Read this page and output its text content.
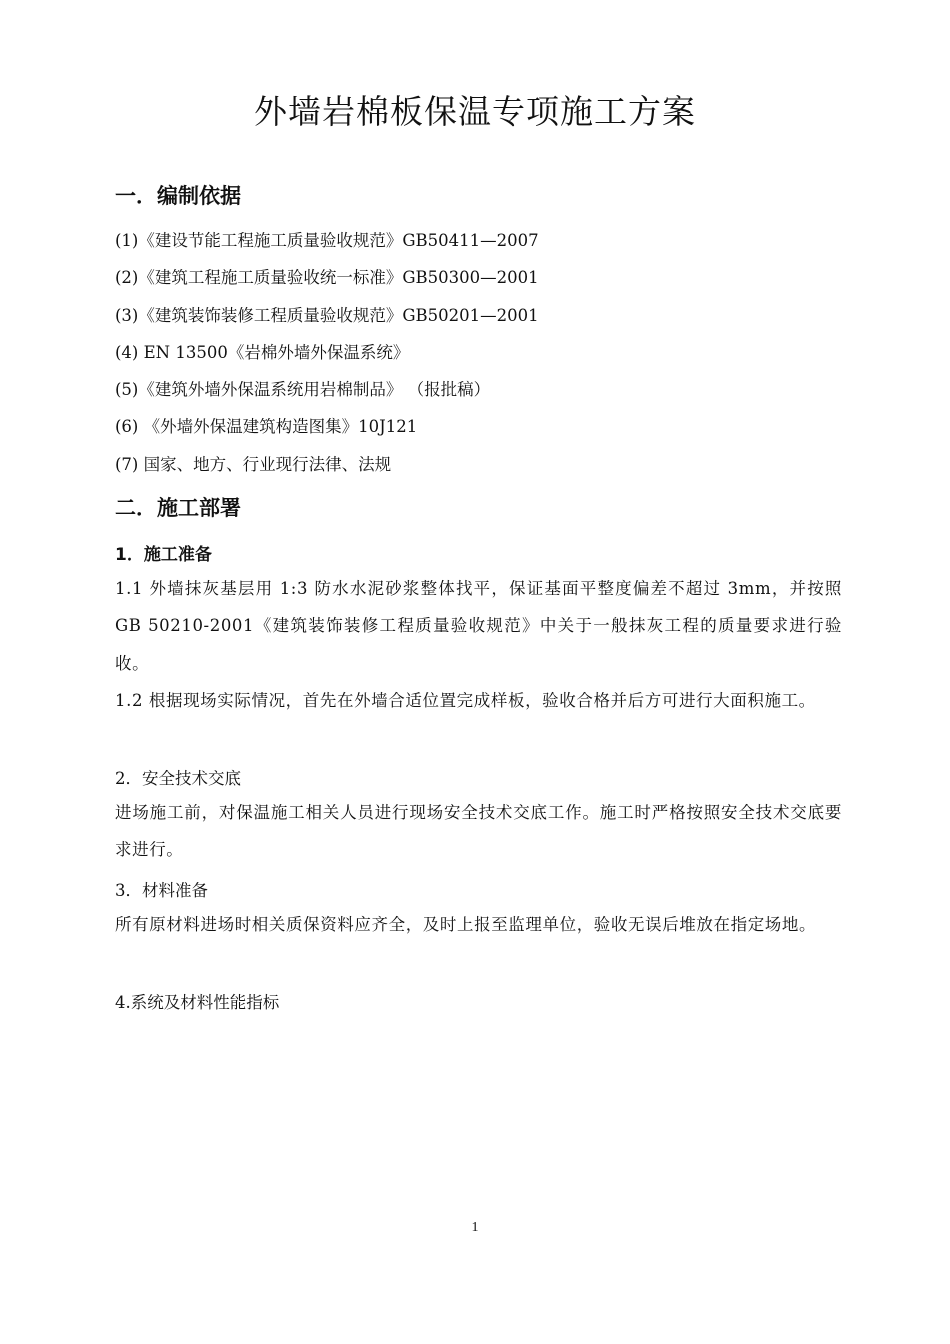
外墙岩棉板保温专项施工方案
一．编制依据
(1)《建设节能工程施工质量验收规范》GB50411—2007
(2)《建筑工程施工质量验收统一标准》GB50300—2001
(3)《建筑装饰装修工程质量验收规范》GB50201—2001
(4) EN 13500《岩棉外墙外保温系统》
(5)《建筑外墙外保温系统用岩棉制品》 （报批稿）
(6) 《外墙外保温建筑构造图集》10J121
(7) 国家、地方、行业现行法律、法规
二．施工部署
1．施工准备

1.1 外墙抹灰基层用 1:3 防水水泥砂浆整体找平，保证基面平整度偏差不超过 3mm，并按照 GB 50210-2001《建筑装饰装修工程质量验收规范》中关于一般抹灰工程的质量要求进行验收。

1.2 根据现场实际情况，首先在外墙合适位置完成样板，验收合格并后方可进行大面积施工。

2．安全技术交底

进场施工前，对保温施工相关人员进行现场安全技术交底工作。施工时严格按照安全技术交底要求进行。

3．材料准备

所有原材料进场时相关质保资料应齐全，及时上报至监理单位，验收无误后堆放在指定场地。

4.系统及材料性能指标

1
